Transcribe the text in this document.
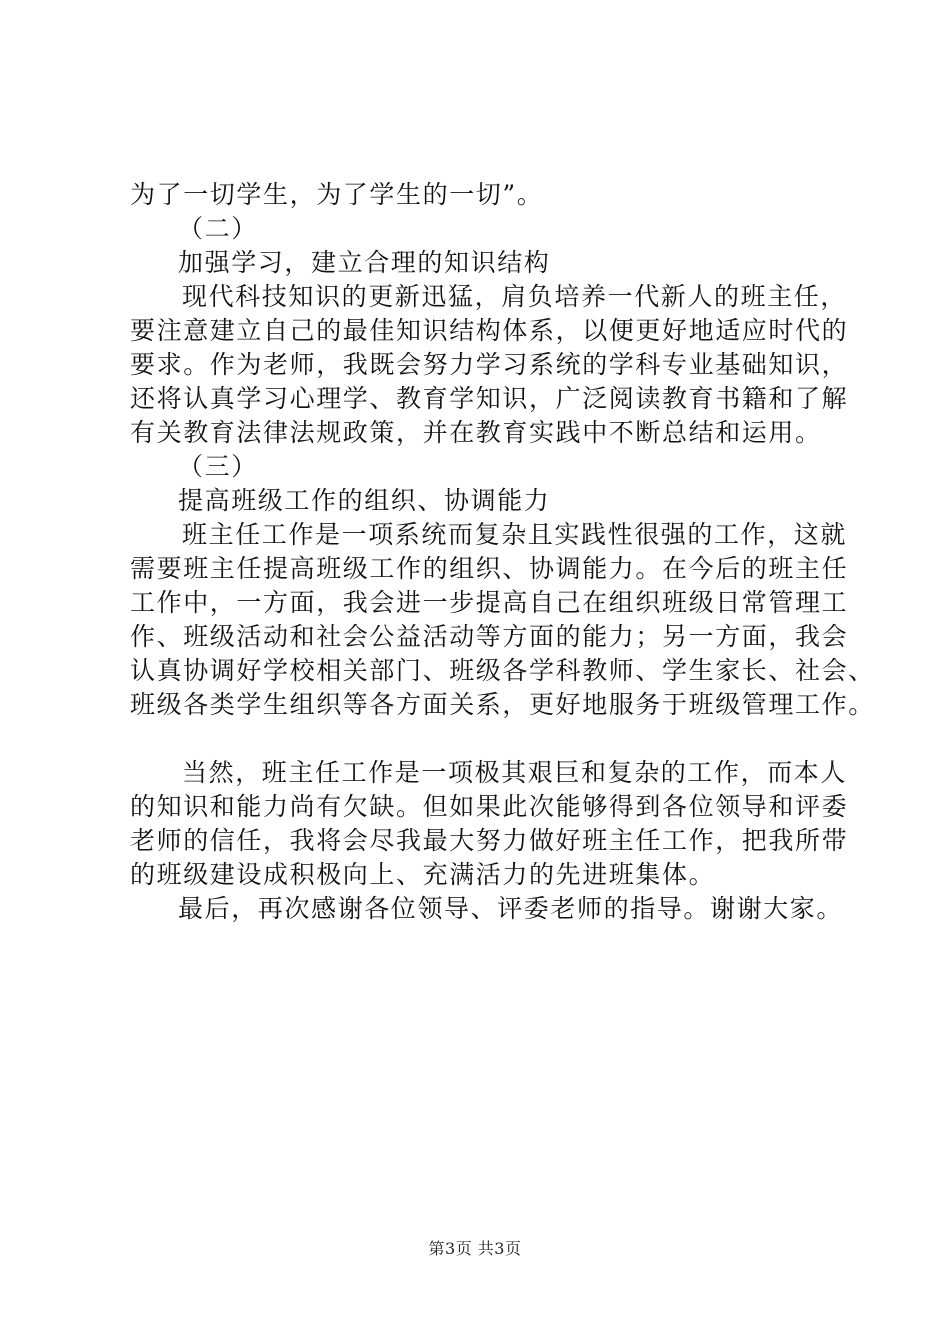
为了一切学生，为了学生的一切”。
（二）
加强学习，建立合理的知识结构
现代科技知识的更新迅猛，肩负培养一代新人的班主任，
要注意建立自己的最佳知识结构体系，以便更好地适应时代的
要求。作为老师，我既会努力学习系统的学科专业基础知识，
还将认真学习心理学、教育学知识，广泛阅读教育书籍和了解
有关教育法律法规政策，并在教育实践中不断总结和运用。
（三）
提高班级工作的组织、协调能力
班主任工作是一项系统而复杂且实践性很强的工作，这就
需要班主任提高班级工作的组织、协调能力。在今后的班主任
工作中，一方面，我会进一步提高自己在组织班级日常管理工
作、班级活动和社会公益活动等方面的能力；另一方面，我会
认真协调好学校相关部门、班级各学科教师、学生家长、社会、
班级各类学生组织等各方面关系，更好地服务于班级管理工作。
当然，班主任工作是一项极其艰巨和复杂的工作，而本人
的知识和能力尚有欠缺。但如果此次能够得到各位领导和评委
老师的信任，我将会尽我最大努力做好班主任工作，把我所带
的班级建设成积极向上、充满活力的先进班集体。
最后，再次感谢各位领导、评委老师的指导。谢谢大家。
第3页 共3页
